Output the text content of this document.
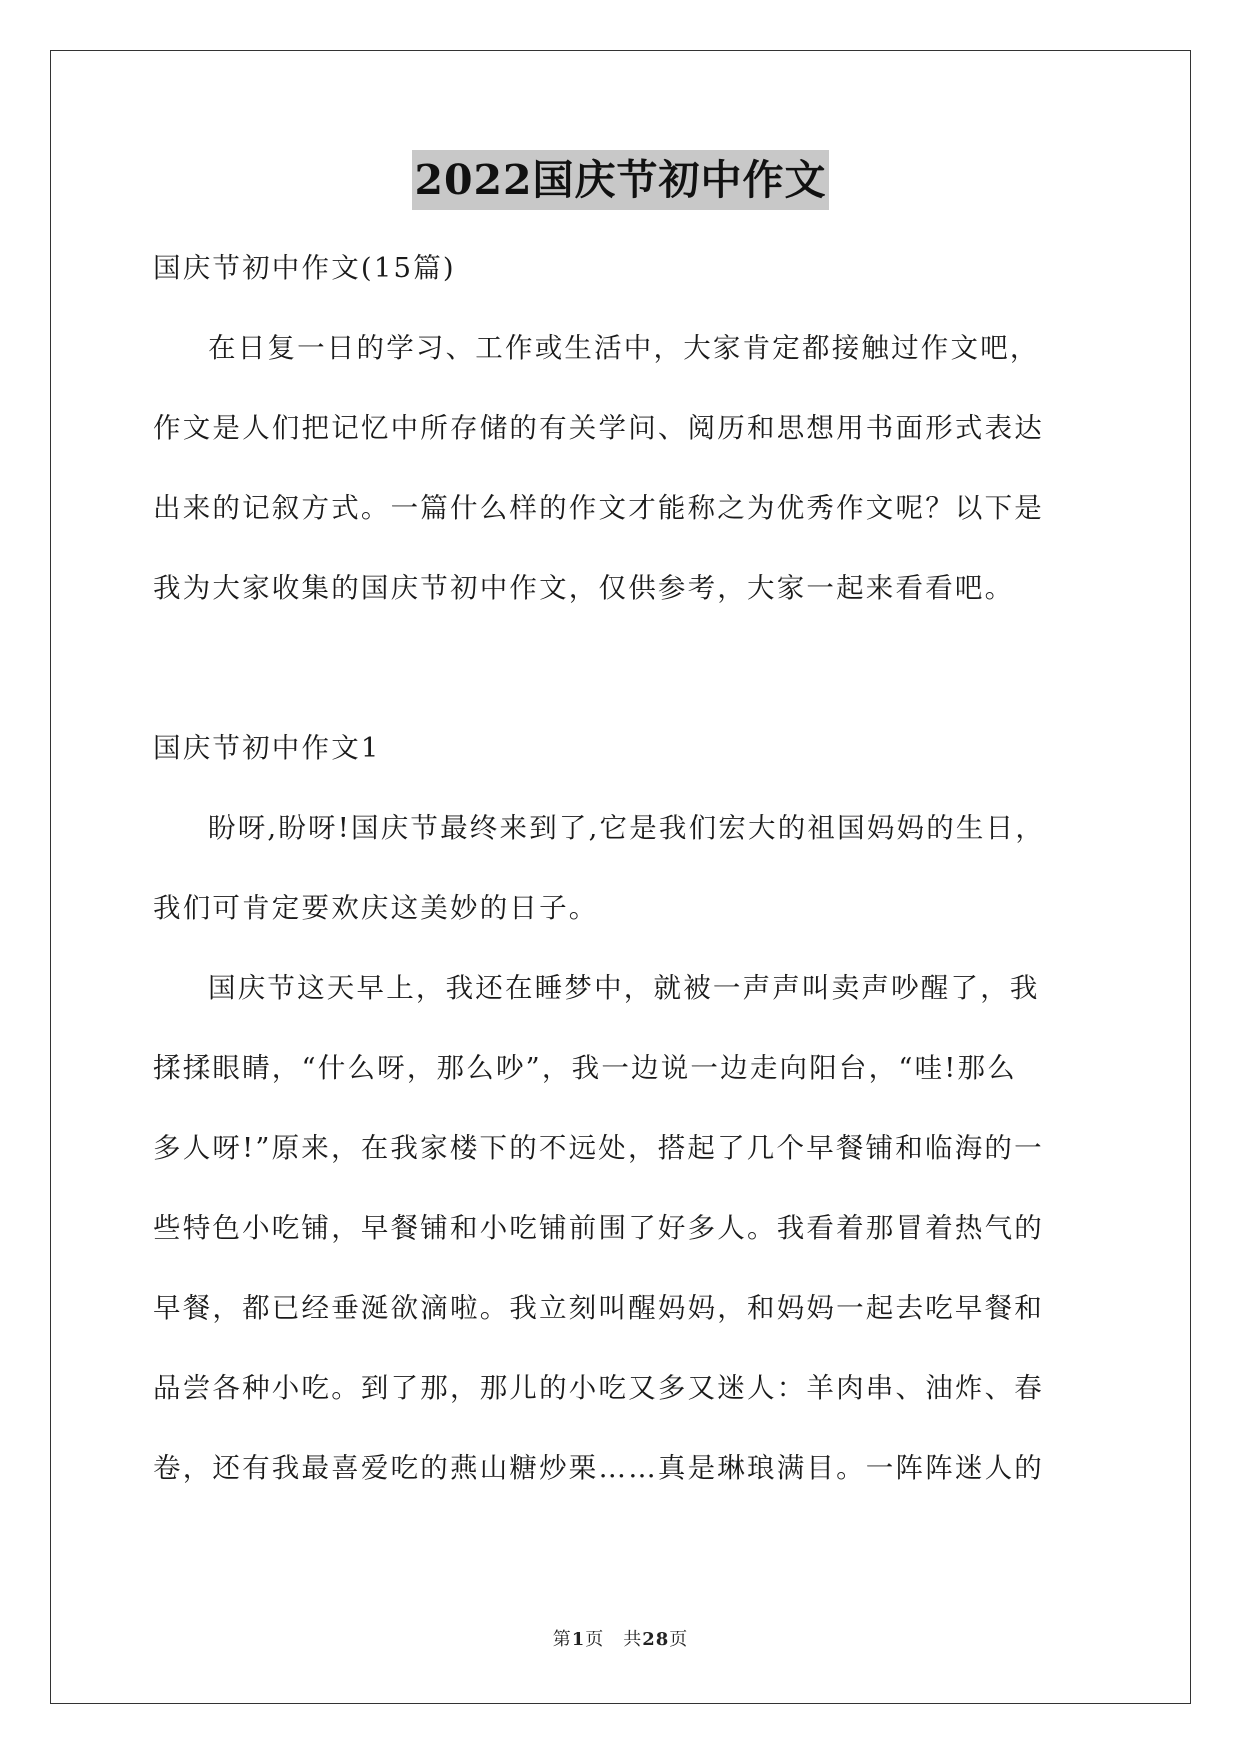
2022国庆节初中作文

国庆节初中作文(15篇)

在日复一日的学习、工作或生活中，大家肯定都接触过作文吧，

作文是人们把记忆中所存储的有关学问、阅历和思想用书面形式表达

出来的记叙方式。一篇什么样的作文才能称之为优秀作文呢？以下是

我为大家收集的国庆节初中作文，仅供参考，大家一起来看看吧。

国庆节初中作文1

盼呀,盼呀!国庆节最终来到了,它是我们宏大的祖国妈妈的生日，

我们可肯定要欢庆这美妙的日子。

国庆节这天早上，我还在睡梦中，就被一声声叫卖声吵醒了，我

揉揉眼睛，“什么呀，那么吵”，我一边说一边走向阳台，“哇!那么

多人呀!”原来，在我家楼下的不远处，搭起了几个早餐铺和临海的一

些特色小吃铺，早餐铺和小吃铺前围了好多人。我看着那冒着热气的

早餐，都已经垂涎欲滴啦。我立刻叫醒妈妈，和妈妈一起去吃早餐和

品尝各种小吃。到了那，那儿的小吃又多又迷人：羊肉串、油炸、春

卷，还有我最喜爱吃的燕山糖炒栗……真是琳琅满目。一阵阵迷人的

第1页　共28页
